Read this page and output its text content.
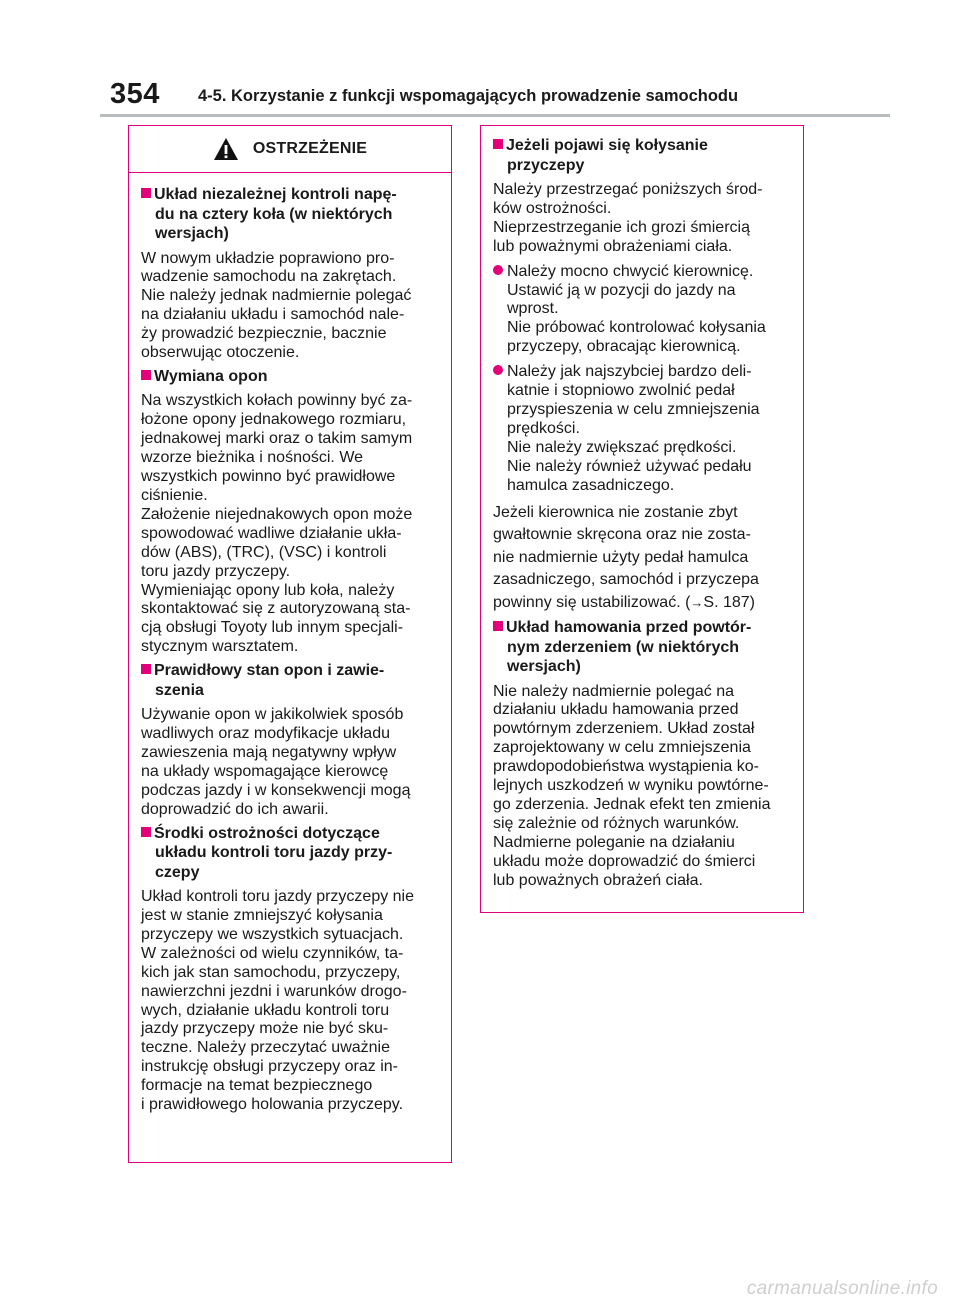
354 4-5. Korzystanie z funkcji wspomagających prowadzenie samochodu
OSTRZEŻENIE
Układ niezależnej kontroli napę-
du na cztery koła (w niektórych
wersjach)
W nowym układzie poprawiono pro-
wadzenie samochodu na zakrętach.
Nie należy jednak nadmiernie polegać
na działaniu układu i samochód nale-
ży prowadzić bezpiecznie, bacznie
obserwując otoczenie.
Wymiana opon
Na wszystkich kołach powinny być za-
łożone opony jednakowego rozmiaru,
jednakowej marki oraz o takim samym
wzorze bieżnika i nośności. We
wszystkich powinno być prawidłowe
ciśnienie.
Założenie niejednakowych opon może
spowodować wadliwe działanie ukła-
dów (ABS), (TRC), (VSC) i kontroli
toru jazdy przyczepy.
Wymieniając opony lub koła, należy
skontaktować się z autoryzowaną sta-
cją obsługi Toyoty lub innym specjali-
stycznym warsztatem.
Prawidłowy stan opon i zawie-
szenia
Używanie opon w jakikolwiek sposób
wadliwych oraz modyfikacje układu
zawieszenia mają negatywny wpływ
na układy wspomagające kierowcę
podczas jazdy i w konsekwencji mogą
doprowadzić do ich awarii.
Środki ostrożności dotyczące
układu kontroli toru jazdy przy-
czepy
Układ kontroli toru jazdy przyczepy nie
jest w stanie zmniejszyć kołysania
przyczepy we wszystkich sytuacjach.
W zależności od wielu czynników, ta-
kich jak stan samochodu, przyczepy,
nawierzchni jezdni i warunków drogo-
wych, działanie układu kontroli toru
jazdy przyczepy może nie być sku-
teczne. Należy przeczytać uważnie
instrukcję obsługi przyczepy oraz in-
formacje na temat bezpiecznego
i prawidłowego holowania przyczepy.
Jeżeli pojawi się kołysanie
przyczepy
Należy przestrzegać poniższych środ-
ków ostrożności.
Nieprzestrzeganie ich grozi śmiercią
lub poważnymi obrażeniami ciała.
Należy mocno chwycić kierownicę.
Ustawić ją w pozycji do jazdy na
wprost.
Nie próbować kontrolować kołysania
przyczepy, obracając kierownicą.
Należy jak najszybciej bardzo deli-
katnie i stopniowo zwolnić pedał
przyspieszenia w celu zmniejszenia
prędkości.
Nie należy zwiększać prędkości.
Nie należy również używać pedału
hamulca zasadniczego.
Jeżeli kierownica nie zostanie zbyt
gwałtownie skręcona oraz nie zosta-
nie nadmiernie użyty pedał hamulca
zasadniczego, samochód i przyczepa
powinny się ustabilizować. (→S. 187)
Układ hamowania przed powtór-
nym zderzeniem (w niektórych
wersjach)
Nie należy nadmiernie polegać na
działaniu układu hamowania przed
powtórnym zderzeniem. Układ został
zaprojektowany w celu zmniejszenia
prawdopodobieństwa wystąpienia ko-
lejnych uszkodzeń w wyniku powtórne-
go zderzenia. Jednak efekt ten zmienia
się zależnie od różnych warunków.
Nadmierne poleganie na działaniu
układu może doprowadzić do śmierci
lub poważnych obrażeń ciała.
carmanualsonline.info
